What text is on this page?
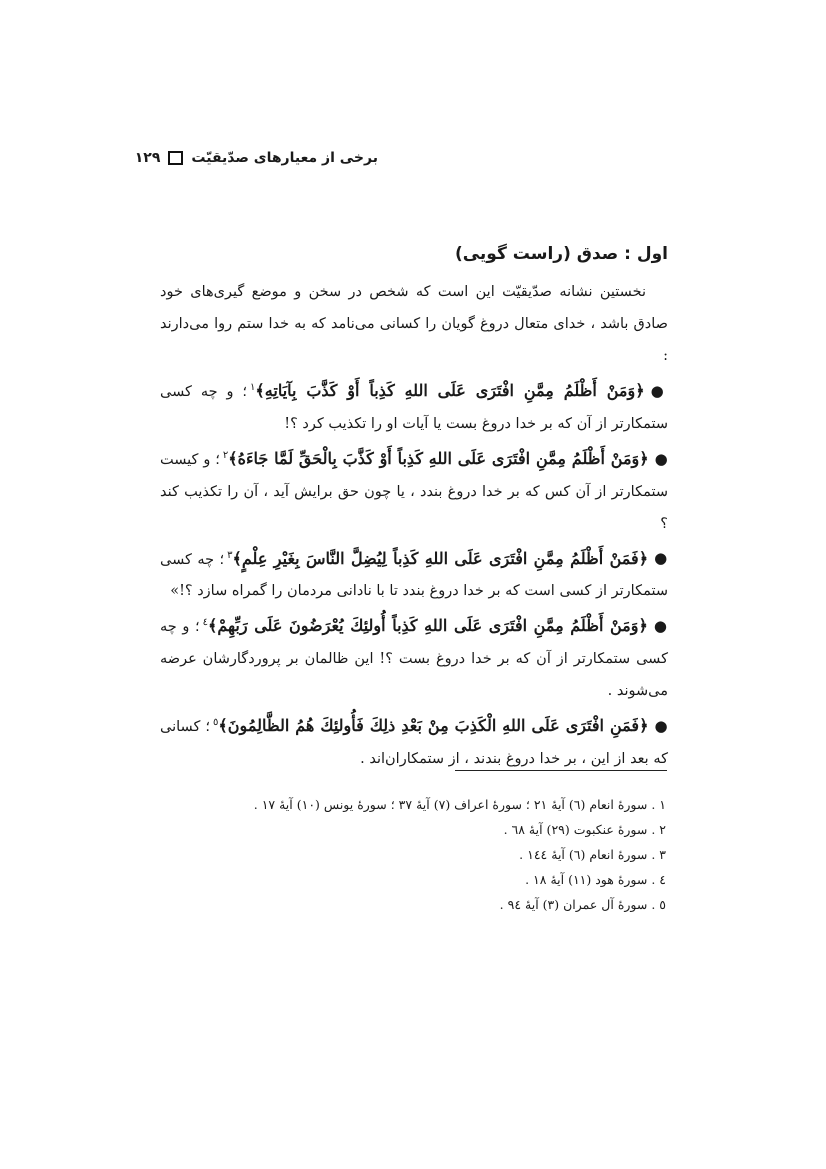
برخی از معیارهای صدّیقیّت
۱۲۹

اول : صدق (راست گویی)

نخستین نشانه صدّیقیّت این است که شخص در سخن و موضع گیری‌های خود صادق باشد ، خدای متعال دروغ گویان را کسانی می‌نامد که به خدا ستم روا می‌دارند :

●﴿وَمَنْ أَظْلَمُ مِمَّنِ افْتَرَى عَلَى اللهِ كَذِباً أَوْ كَذَّبَ بِآيَاتِهِ﴾$^١$؛ و چه کسی ستمکارتر از آن که بر خدا دروغ بست یا آیات او را تکذیب کرد ؟!

●﴿وَمَنْ أَظْلَمُ مِمَّنِ افْتَرَى عَلَى اللهِ كَذِباً أَوْ كَذَّبَ بِالْحَقِّ لَمَّا جَاءَهُ﴾$^٢$؛ و کیست ستمکارتر از آن کس که بر خدا دروغ بندد ، یا چون حق برایش آید ، آن را تکذیب کند ؟

●﴿فَمَنْ أَظْلَمُ مِمَّنِ افْتَرَى عَلَى اللهِ كَذِباً لِيُضِلَّ النَّاسَ بِغَيْرِ عِلْمٍ﴾$^٣$؛ چه کسی ستمکارتر از کسی است که بر خدا دروغ بندد تا با نادانی مردمان را گمراه سازد ؟!»

●﴿وَمَنْ أَظْلَمُ مِمَّنِ افْتَرَى عَلَى اللهِ كَذِباً أُولئِكَ يُعْرَضُونَ عَلَى رَبِّهِمْ﴾$^٤$؛ و چه کسی ستمکارتر از آن که بر خدا دروغ بست ؟! این ظالمان بر پروردگارشان عرضه می‌شوند .

●﴿فَمَنِ افْتَرَى عَلَى اللهِ الْكَذِبَ مِنْ بَعْدِ ذلِكَ فَأُولئِكَ هُمُ الظَّالِمُونَ﴾$^٥$؛ کسانی که بعد از این ، بر خدا دروغ بندند ، از ستمکاران‌اند .

١ . سورهٔ انعام (٦) آیهٔ ٢١ ؛ سورهٔ اعراف (٧) آیهٔ ٣٧ ؛ سورهٔ یونس (١٠) آیهٔ ١٧ .
٢ . سورهٔ عنکبوت (٢٩) آیهٔ ٦٨ .
٣ . سورهٔ انعام (٦) آیهٔ ١٤٤ .
٤ . سورهٔ هود (١١) آیهٔ ١٨ .
٥ . سورهٔ آل عمران (٣) آیهٔ ٩٤ .
